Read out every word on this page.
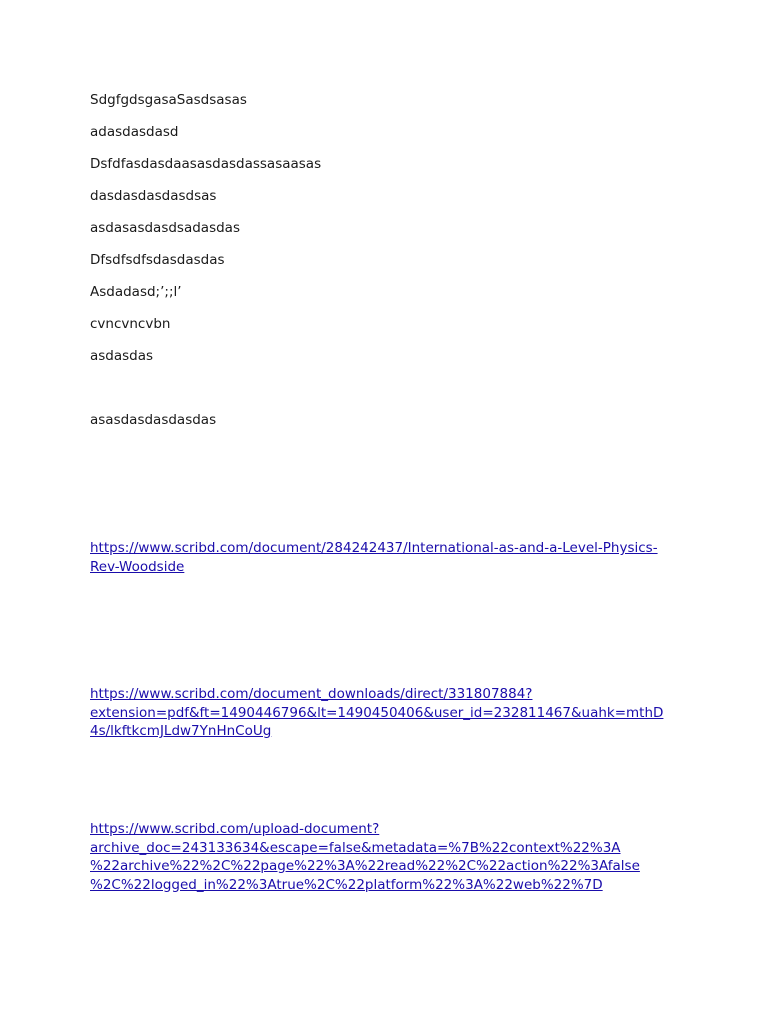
SdgfgdsgasaSasdsasas
adasdasdasd
Dsfdfasdasdaasasdasdassasaasas
dasdasdasdasdsas
asdasasdasdsadasdas
Dfsdfsdfsdasdasdas
Asdadasd;’;;l’
cvncvncvbn
asdasdas
asasdasdasdasdas
https://www.scribd.com/document/284242437/International-as-and-a-Level-Physics-
Rev-Woodside
https://www.scribd.com/document_downloads/direct/331807884?
extension=pdf&ft=1490446796&lt=1490450406&user_id=232811467&uahk=mthD
4s/lkftkcmJLdw7YnHnCoUg
https://www.scribd.com/upload-document?
archive_doc=243133634&escape=false&metadata=%7B%22context%22%3A
%22archive%22%2C%22page%22%3A%22read%22%2C%22action%22%3Afalse
%2C%22logged_in%22%3Atrue%2C%22platform%22%3A%22web%22%7D
